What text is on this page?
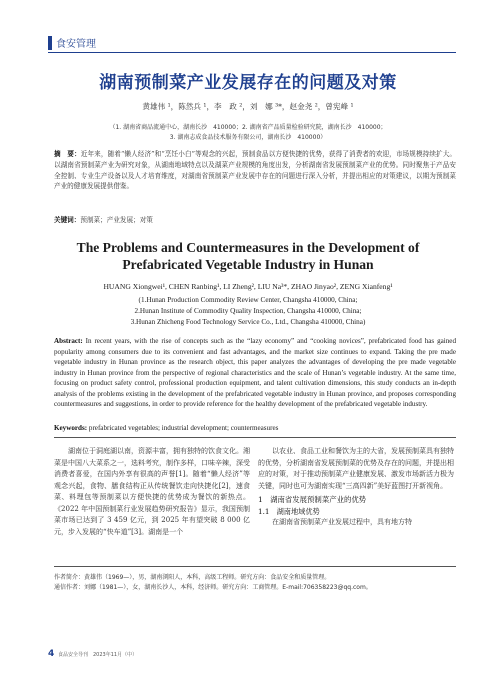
食安管理
湖南预制菜产业发展存在的问题及对策
黄雄伟 ¹，陈然兵 ¹，李　政 ²，刘　娜 ³*，赵金尧 ²，曾宪峰 ¹
（1. 湖南省商品流通中心，湖南长沙　410000；2. 湖南省产品质量检验研究院，湖南长沙　410000；
3. 湖南志成食品技术服务有限公司，湖南长沙　410000）
摘　要：近年来，随着“懒人经济”和“烹饪小白”等观念的兴起，预制食品以方便快捷的优势，获得了消费者的欢迎，市场规模持续扩大。以湖南省预制菜产业为研究对象，从湖南地域特点以及湖菜产业规模的角度出发，分析湖南省发展预制菜产业的优势。同时聚焦于产品安全控制、专业生产设备以及人才培育维度，对湖南省预制菜产业发展中存在的问题进行深入分析，并提出相应的对策建议，以期为预制菜产业的健康发展提供借鉴。
关键词：预制菜；产业发展；对策
The Problems and Countermeasures in the Development of Prefabricated Vegetable Industry in Hunan
HUANG Xiongwei¹, CHEN Ranbing¹, LI Zheng², LIU Na³*, ZHAO Jinyao², ZENG Xianfeng¹
(1.Hunan Production Commodity Review Center, Changsha 410000, China;
2.Hunan Institute of Commodity Quality Inspection, Changsha 410000, China;
3.Hunan Zhicheng Food Technology Service Co., Ltd., Changsha 410000, China)
Abstract: In recent years, with the rise of concepts such as the “lazy economy” and “cooking novices”, prefabricated food has gained popularity among consumers due to its convenient and fast advantages, and the market size continues to expand. Taking the pre made vegetable industry in Hunan province as the research object, this paper analyzes the advantages of developing the pre made vegetable industry in Hunan province from the perspective of regional characteristics and the scale of Hunan’s vegetable industry. At the same time, focusing on product safety control, professional production equipment, and talent cultivation dimensions, this study conducts an in-depth analysis of the problems existing in the development of the prefabricated vegetable industry in Hunan province, and proposes corresponding countermeasures and suggestions, in order to provide reference for the healthy development of the prefabricated vegetable industry.
Keywords: prefabricated vegetables; industrial development; countermeasures

湖南位于洞庭湖以南，资源丰富，拥有独特的饮食文化。湘菜是中国八大菜系之一，选料考究，制作多样，口味辛辣，深受消费者喜爱，在国内外享有很高的声誉[1]。随着“懒人经济”等观念兴起，食物、膳食结构正从传统餐饮走向快捷化[2]，速食菜、料理包等预制菜以方便快捷的优势成为餐饮的新热点。《2022 年中国预制菜行业发展趋势研究报告》显示，我国预制菜市场已达到了 3 459 亿元，到 2025 年有望突破 8 000 亿元，步入发展的“快车道”[3]。湖南是一个

以农业、食品工业和餐饮为主的大省，发展预制菜具有独特的优势，分析湖南省发展预制菜的优势及存在的问题，并提出相应的对策，对于推动预制菜产业健康发展、激发市场新活力极为关键，同时也可为湖南实现“三高四新”美好蓝图打开新视角。

1　湖南省发展预制菜产业的优势
1.1　湖南地域优势

在湖南省预制菜产业发展过程中，具有地方特

作者简介：黄雄伟（1969—），男，湖南浏阳人，本科，高级工程师。研究方向：食品安全和质量管理。
通信作者：刘娜（1981—），女，湖南长沙人，本科，经济师。研究方向：工商管理。E-mail:706358223@qq.com。
4 食品安全导刊　2023年11月（中）
